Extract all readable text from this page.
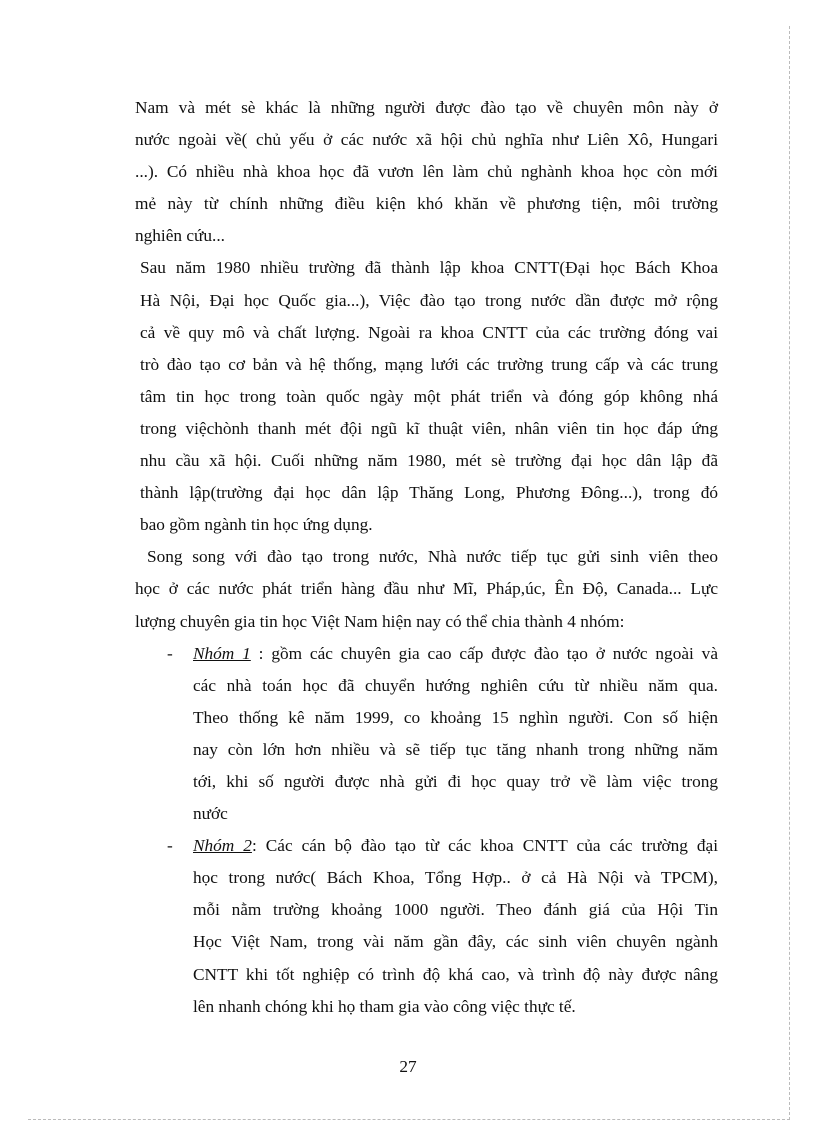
Nam và mét sè khác là những người được đào tạo về chuyên môn này ở
nước ngoài về( chủ yếu ở các nước xã hội chủ nghĩa như Liên Xô, Hungari
...). Có nhiều nhà khoa học đã vươn lên làm chủ nghành khoa học còn mới
mẻ này từ chính những điều kiện khó khăn về phương tiện, môi trường
nghiên cứu...

Sau năm 1980 nhiều trường đã thành lập khoa CNTT(Đại học Bách Khoa
Hà Nội, Đại học Quốc gia...), Việc đào tạo trong nước dần được mở rộng
cả về quy mô và chất lượng. Ngoài ra khoa CNTT của các trường đóng vai
trò đào tạo cơ bản và hệ thống, mạng lưới các trường trung cấp và các trung
tâm tin học trong toàn quốc ngày một phát triển và đóng góp không nhá
trong việchònh thanh mét đội ngũ kĩ thuật viên, nhân viên tin học đáp ứng
nhu cầu xã hội. Cuối những năm 1980, mét sè trường đại học dân lập đã
thành lập(trường đại học dân lập Thăng Long, Phương Đông...), trong đó
bao gồm ngành tin học ứng dụng.

Song song với đào tạo trong nước, Nhà nước tiếp tục gửi sinh viên theo
học ở các nước phát triển hàng đầu như Mĩ, Pháp,úc, Ên Độ, Canada... Lực
lượng chuyên gia tin học Việt Nam hiện nay có thể chia thành 4 nhóm:

- Nhóm 1 : gồm các chuyên gia cao cấp được đào tạo ở nước ngoài và
các nhà toán học đã chuyển hướng nghiên cứu từ nhiều năm qua.
Theo thống kê năm 1999, co khoảng 15 nghìn người. Con số hiện
nay còn lớn hơn nhiều và sẽ tiếp tục tăng nhanh trong những năm
tới, khi số người được nhà gửi đi học quay trở về làm việc trong
nước
- Nhóm 2: Các cán bộ đào tạo từ các khoa CNTT của các trường đại
học trong nước( Bách Khoa, Tổng Hợp.. ở cả Hà Nội và TPCM),
mỗi nằm trường khoảng 1000 người. Theo đánh giá của Hội Tin
Học Việt Nam, trong vài năm gần đây, các sinh viên chuyên ngành
CNTT khi tốt nghiệp có trình độ khá cao, và trình độ này được nâng
lên nhanh chóng khi họ tham gia vào công việc thực tế.
27
